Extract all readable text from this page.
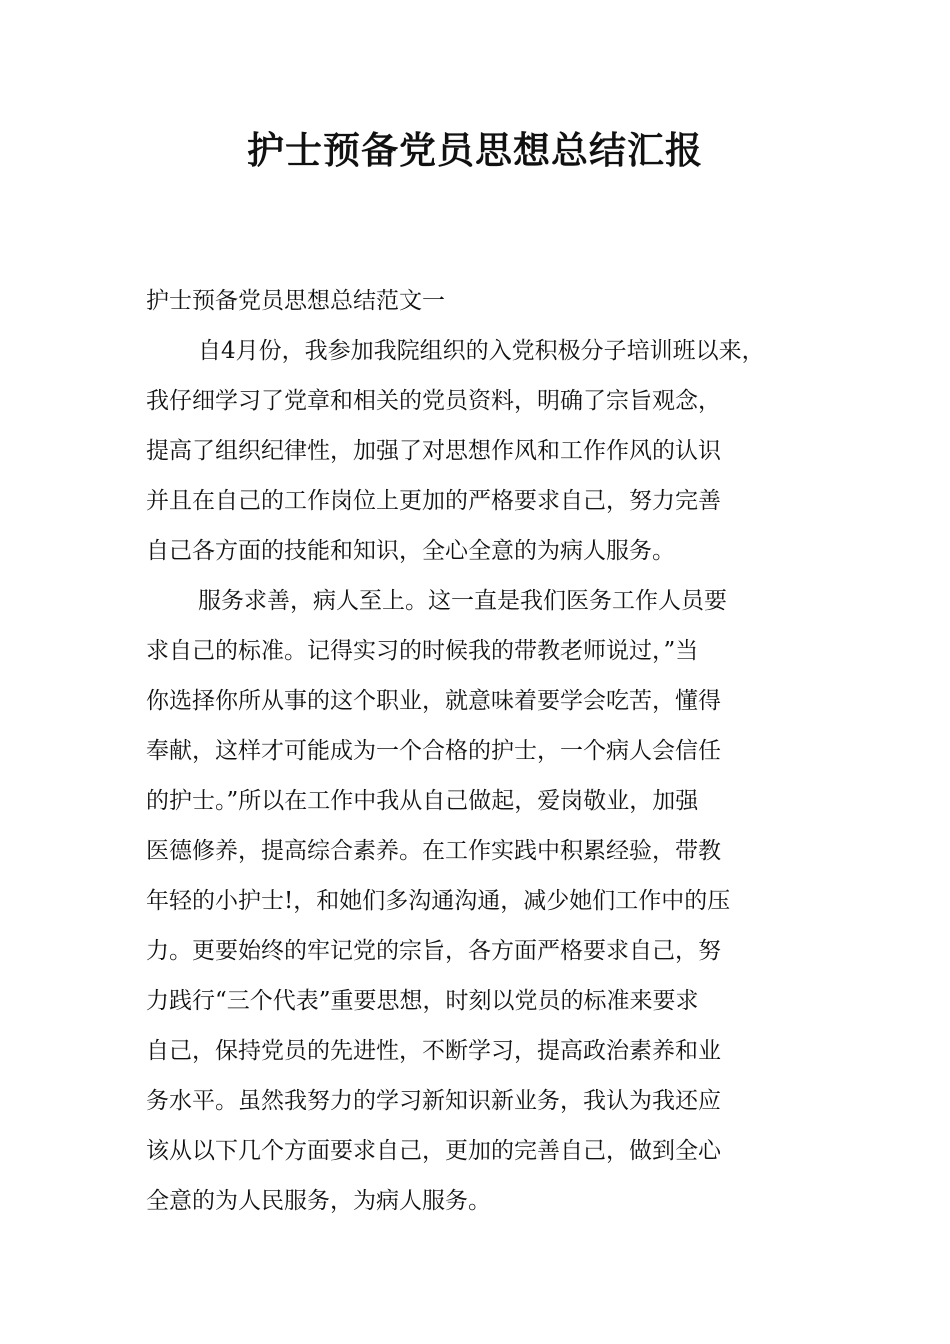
护士预备党员思想总结汇报

护士预备党员思想总结范文一

自4月份，我参加我院组织的入党积极分子培训班以来，
我仔细学习了党章和相关的党员资料，明确了宗旨观念，
提高了组织纪律性，加强了对思想作风和工作作风的认识
并且在自己的工作岗位上更加的严格要求自己，努力完善
自己各方面的技能和知识，全心全意的为病人服务。
服务求善，病人至上。这一直是我们医务工作人员要
求自己的标准。记得实习的时候我的带教老师说过，”当
你选择你所从事的这个职业，就意味着要学会吃苦，懂得
奉献，这样才可能成为一个合格的护士，一个病人会信任
的护士。”所以在工作中我从自己做起，爱岗敬业，加强
医德修养，提高综合素养。在工作实践中积累经验，带教
年轻的小护士!，和她们多沟通沟通，减少她们工作中的压
力。更要始终的牢记党的宗旨，各方面严格要求自己，努
力践行“三个代表”重要思想，时刻以党员的标准来要求
自己，保持党员的先进性，不断学习，提高政治素养和业
务水平。虽然我努力的学习新知识新业务，我认为我还应
该从以下几个方面要求自己，更加的完善自己，做到全心
全意的为人民服务，为病人服务。
